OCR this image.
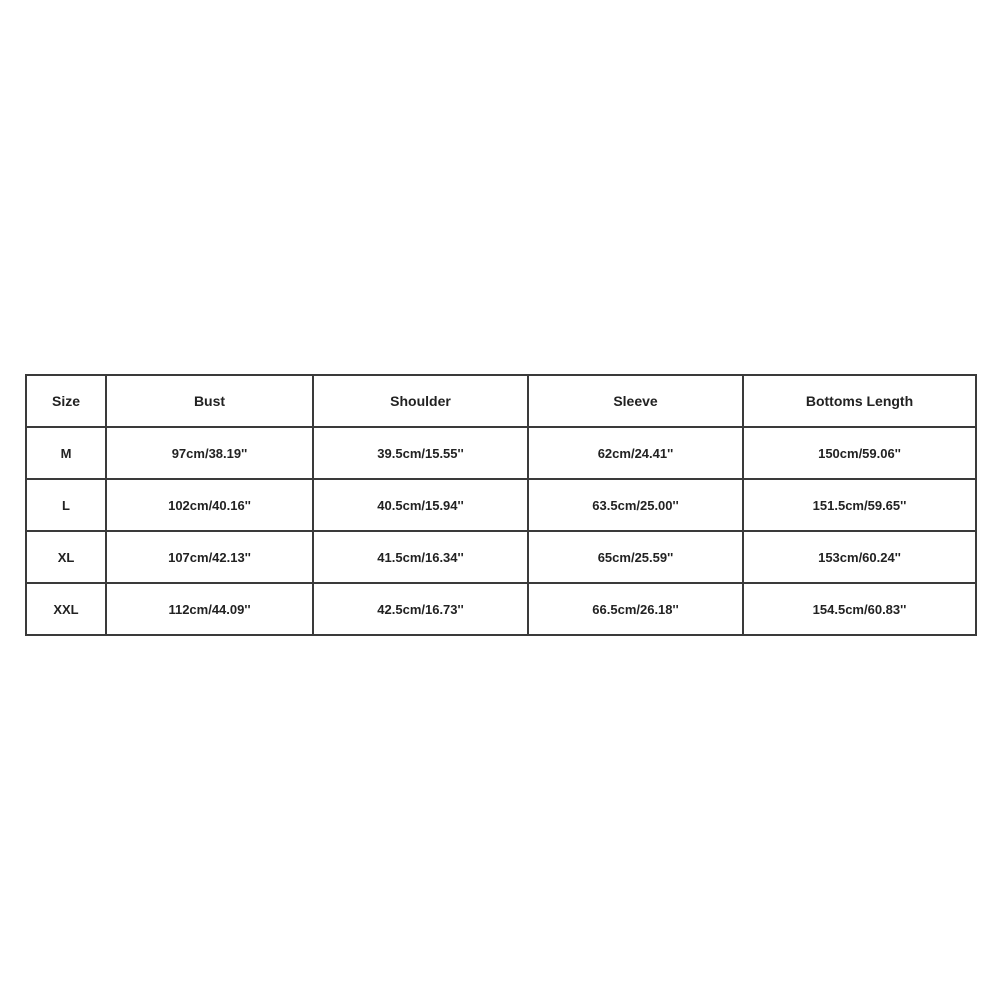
Size	Bust	Shoulder	Sleeve	Bottoms Length
M	97cm/38.19''	39.5cm/15.55''	62cm/24.41''	150cm/59.06''
L	102cm/40.16''	40.5cm/15.94''	63.5cm/25.00''	151.5cm/59.65''
XL	107cm/42.13''	41.5cm/16.34''	65cm/25.59''	153cm/60.24''
XXL	112cm/44.09''	42.5cm/16.73''	66.5cm/26.18''	154.5cm/60.83''
